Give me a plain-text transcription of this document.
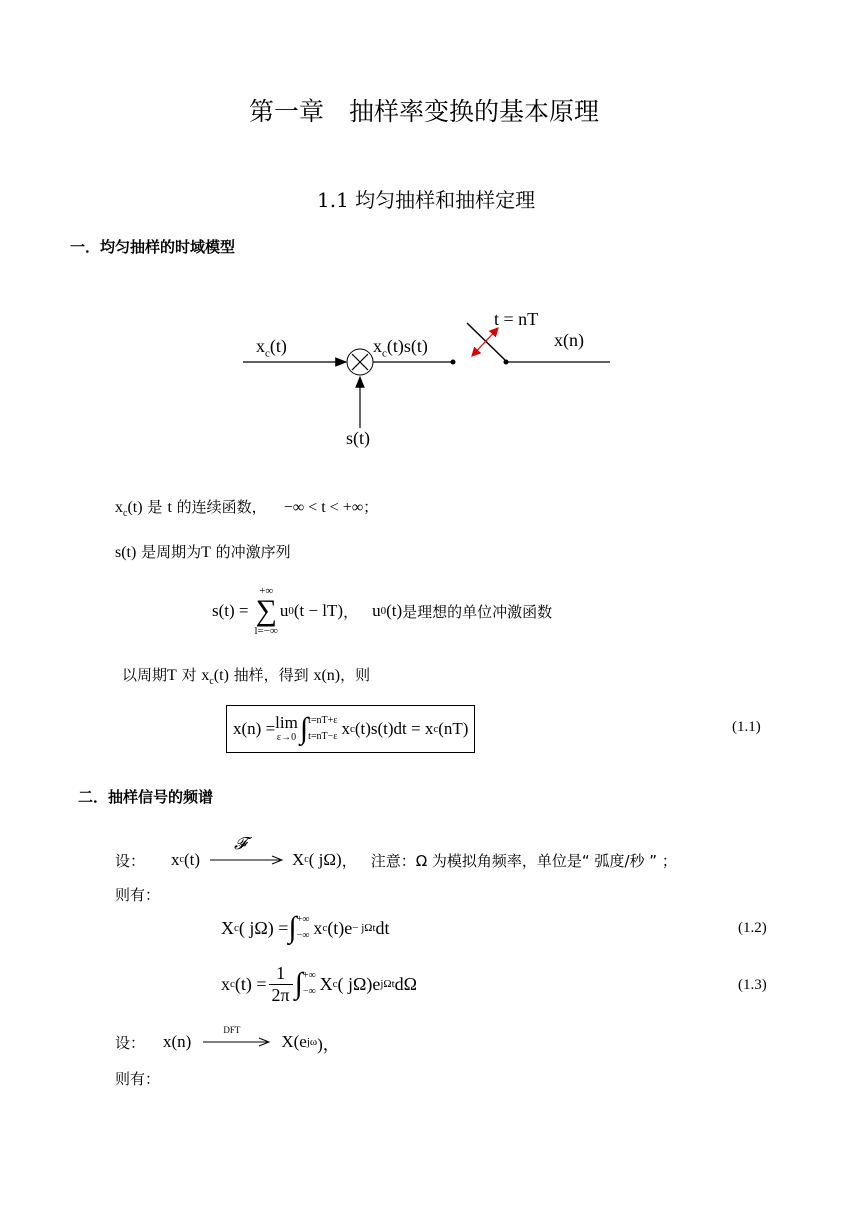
第一章　抽样率变换的基本原理
1.1 均匀抽样和抽样定理
一．均匀抽样的时域模型
$x_c(t)$	$x_c(t)s(t)$
t = nT
x(n)
s(t)
$x_c(t)$ 是 t 的连续函数， −∞ < t < +∞；
s(t) 是周期为T 的冲激序列
s(t) =
+∞
∑
l=−∞
u 0 (t − lT) ， u 0 (t) 是理想的单位冲激函数
以周期T 对 $x_c(t)$ 抽样，得到 x(n)，则
x(n) = lim
ε→0 ∫ t=nT+ε
t=nT−ε x c (t)s(t)dt = x c (nT)	(1.1)
二．抽样信号的频谱
设： x c (t)
𝓕
X c ( jΩ) ， 注意：Ω 为模拟角频率，单位是“ 弧度/秒 ” ；
则有：
X c ( jΩ) = ∫ +∞
−∞ x c (t)e − jΩt dt	(1.2)
x c $(t) = \frac{1}{2\pi}$ ∫ +∞
−∞ X c ( jΩ)e jΩt dΩ	(1.3)
设： x(n)
DFT
X(e jω )，
则有：
